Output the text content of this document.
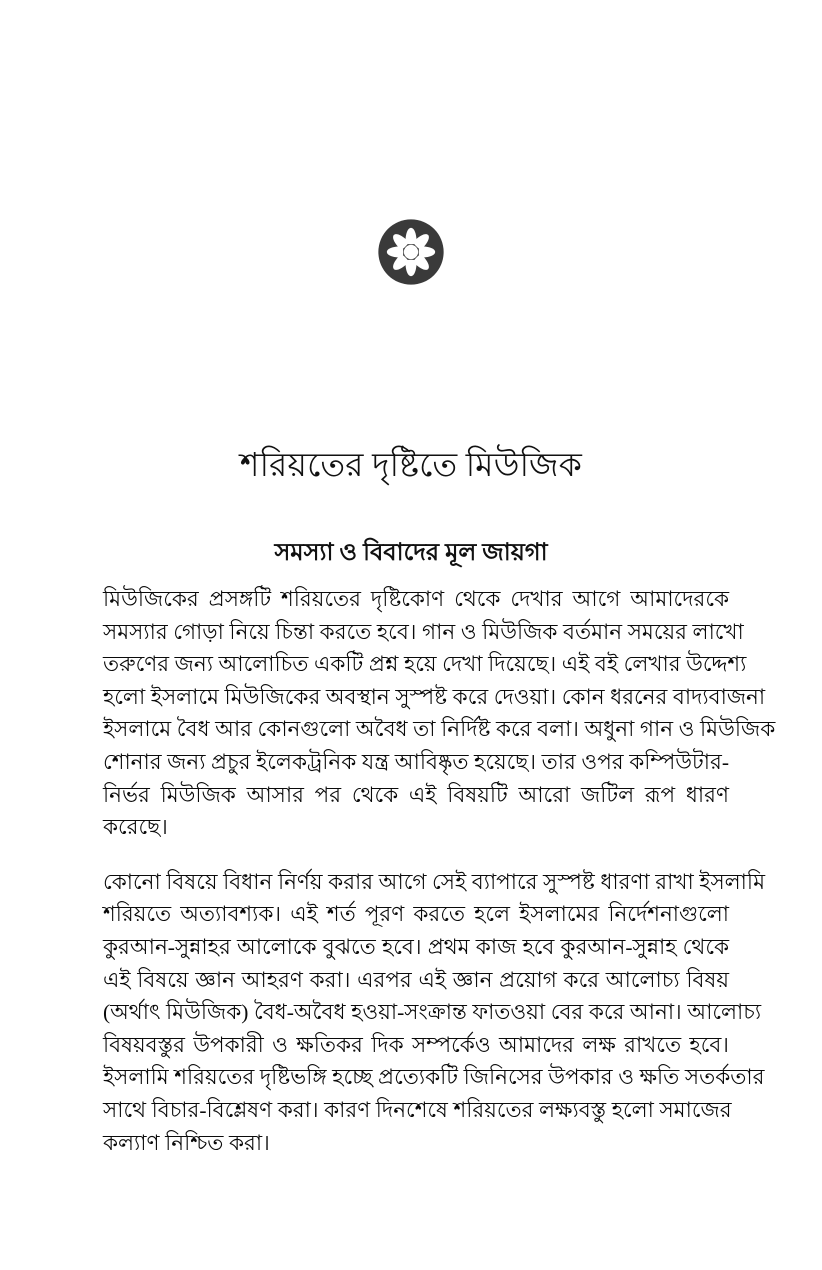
শরিয়তের দৃষ্টিতে মিউজিক
সমস্যা ও বিবাদের মূল জায়গা

মিউজিকের প্রসঙ্গটি শরিয়তের দৃষ্টিকোণ থেকে দেখার আগে আমাদেরকে
সমস্যার গোড়া নিয়ে চিন্তা করতে হবে। গান ও মিউজিক বর্তমান সময়ের লাখো
তরুণের জন্য আলোচিত একটি প্রশ্ন হয়ে দেখা দিয়েছে। এই বই লেখার উদ্দেশ্য
হলো ইসলামে মিউজিকের অবস্থান সুস্পষ্ট করে দেওয়া। কোন ধরনের বাদ্যবাজনা
ইসলামে বৈধ আর কোনগুলো অবৈধ তা নির্দিষ্ট করে বলা। অধুনা গান ও মিউজিক
শোনার জন্য প্রচুর ইলেকট্রনিক যন্ত্র আবিষ্কৃত হয়েছে। তার ওপর কম্পিউটার-
নির্ভর মিউজিক আসার পর থেকে এই বিষয়টি আরো জটিল রূপ ধারণ করেছে।

কোনো বিষয়ে বিধান নির্ণয় করার আগে সেই ব্যাপারে সুস্পষ্ট ধারণা রাখা ইসলামি
শরিয়তে অত্যাবশ্যক। এই শর্ত পূরণ করতে হলে ইসলামের নির্দেশনাগুলো
কুরআন-সুন্নাহর আলোকে বুঝতে হবে। প্রথম কাজ হবে কুরআন-সুন্নাহ থেকে
এই বিষয়ে জ্ঞান আহরণ করা। এরপর এই জ্ঞান প্রয়োগ করে আলোচ্য বিষয়
(অর্থাৎ মিউজিক) বৈধ-অবৈধ হওয়া-সংক্রান্ত ফাতওয়া বের করে আনা। আলোচ্য
বিষয়বস্তুর উপকারী ও ক্ষতিকর দিক সম্পর্কেও আমাদের লক্ষ রাখতে হবে।
ইসলামি শরিয়তের দৃষ্টিভঙ্গি হচ্ছে প্রত্যেকটি জিনিসের উপকার ও ক্ষতি সতর্কতার
সাথে বিচার-বিশ্লেষণ করা। কারণ দিনশেষে শরিয়তের লক্ষ্যবস্তু হলো সমাজের
কল্যাণ নিশ্চিত করা।
